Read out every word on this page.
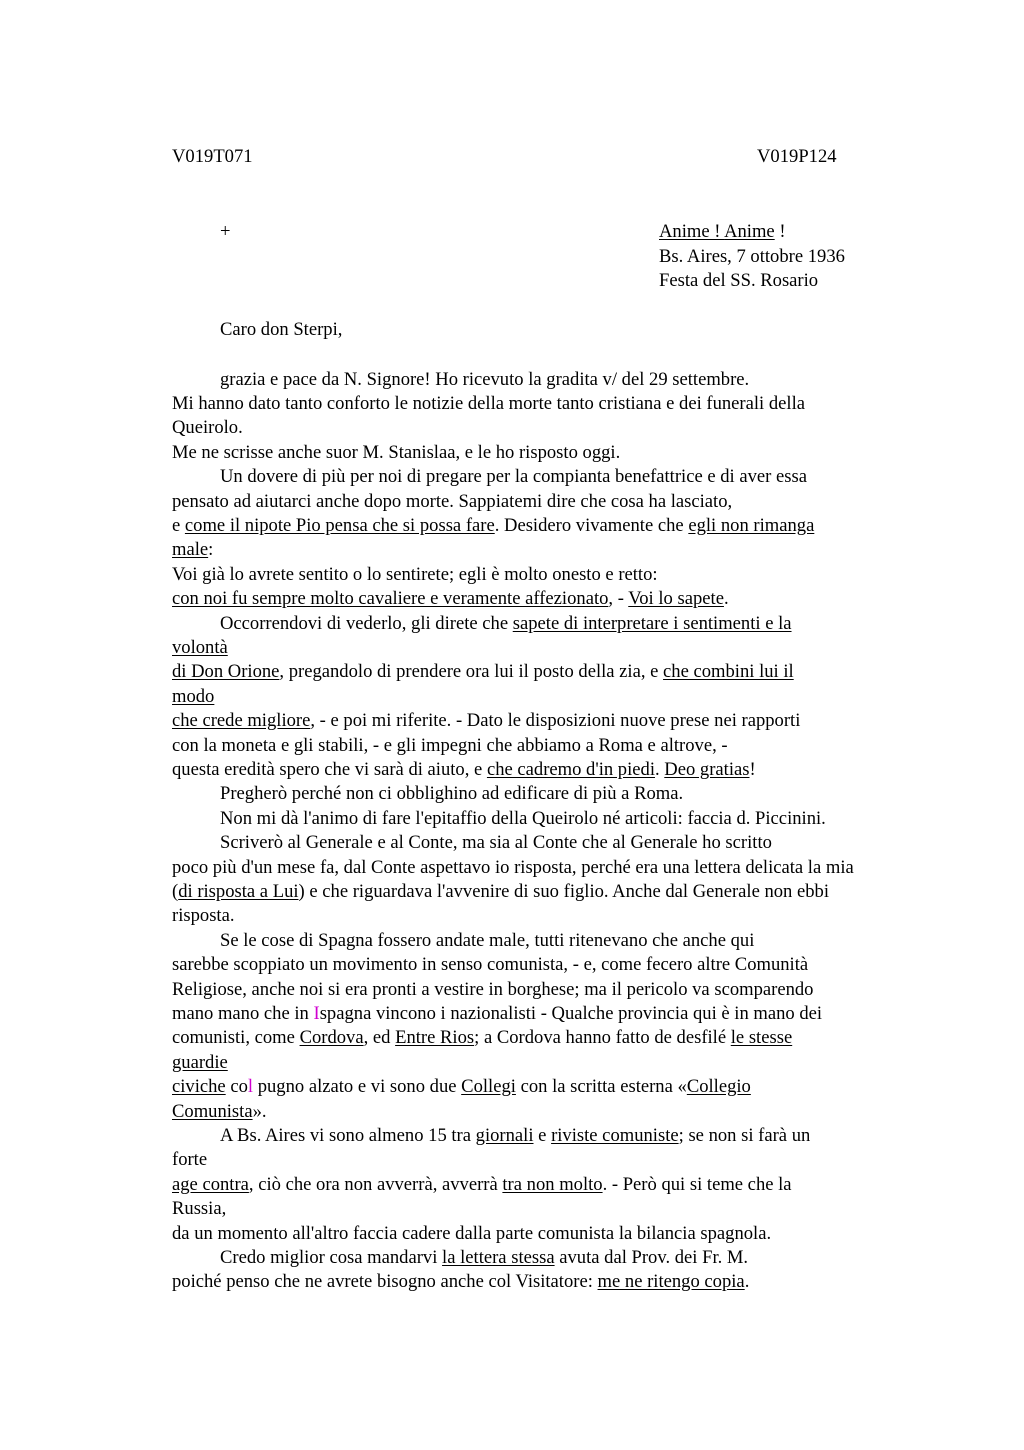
V019T071	V019P124
+	Anime ! Anime !
Bs. Aires, 7 ottobre 1936
Festa del SS. Rosario
Caro don Sterpi,
grazia e pace da N. Signore! Ho ricevuto la gradita v/ del 29 settembre.
Mi hanno dato tanto conforto le notizie della morte tanto cristiana e dei funerali della
Queirolo.
Me ne scrisse anche suor M. Stanislaa, e le ho risposto oggi.
Un dovere di più per noi di pregare per la compianta benefattrice e di aver essa
pensato ad aiutarci anche dopo morte. Sappiatemi dire che cosa ha lasciato,
e come il nipote Pio pensa che si possa fare. Desidero vivamente che egli non rimanga
male:
Voi già lo avrete sentito o lo sentirete; egli è molto onesto e retto:
con noi fu sempre molto cavaliere e veramente affezionato, - Voi lo sapete.
Occorrendovi di vederlo, gli direte che sapete di interpretare i sentimenti e la
volontà
di Don Orione, pregandolo di prendere ora lui il posto della zia, e che combini lui il
modo
che crede migliore, - e poi mi riferite. - Dato le disposizioni nuove prese nei rapporti
con la moneta e gli stabili, - e gli impegni che abbiamo a Roma e altrove, -
questa eredità spero che vi sarà di aiuto, e che cadremo d'in piedi. Deo gratias!
Pregherò perché non ci obblighino ad edificare di più a Roma.
Non mi dà l'animo di fare l'epitaffio della Queirolo né articoli: faccia d. Piccinini.
Scriverò al Generale e al Conte, ma sia al Conte che al Generale ho scritto
poco più d'un mese fa, dal Conte aspettavo io risposta, perché era una lettera delicata la mia
(di risposta a Lui) e che riguardava l'avvenire di suo figlio. Anche dal Generale non ebbi
risposta.
Se le cose di Spagna fossero andate male, tutti ritenevano che anche qui
sarebbe scoppiato un movimento in senso comunista, - e, come fecero altre Comunità
Religiose, anche noi si era pronti a vestire in borghese; ma il pericolo va scomparendo
mano mano che in Ispagna vincono i nazionalisti - Qualche provincia qui è in mano dei
comunisti, come Cordova, ed Entre Rios; a Cordova hanno fatto de desfilé le stesse
guardie
civiche col pugno alzato e vi sono due Collegi con la scritta esterna «Collegio
Comunista».
A Bs. Aires vi sono almeno 15 tra giornali e riviste comuniste; se non si farà un
forte
age contra, ciò che ora non avverrà, avverrà tra non molto. - Però qui si teme che la
Russia,
da un momento all'altro faccia cadere dalla parte comunista la bilancia spagnola.
Credo miglior cosa mandarvi la lettera stessa avuta dal Prov. dei Fr. M.
poiché penso che ne avrete bisogno anche col Visitatore: me ne ritengo copia.
